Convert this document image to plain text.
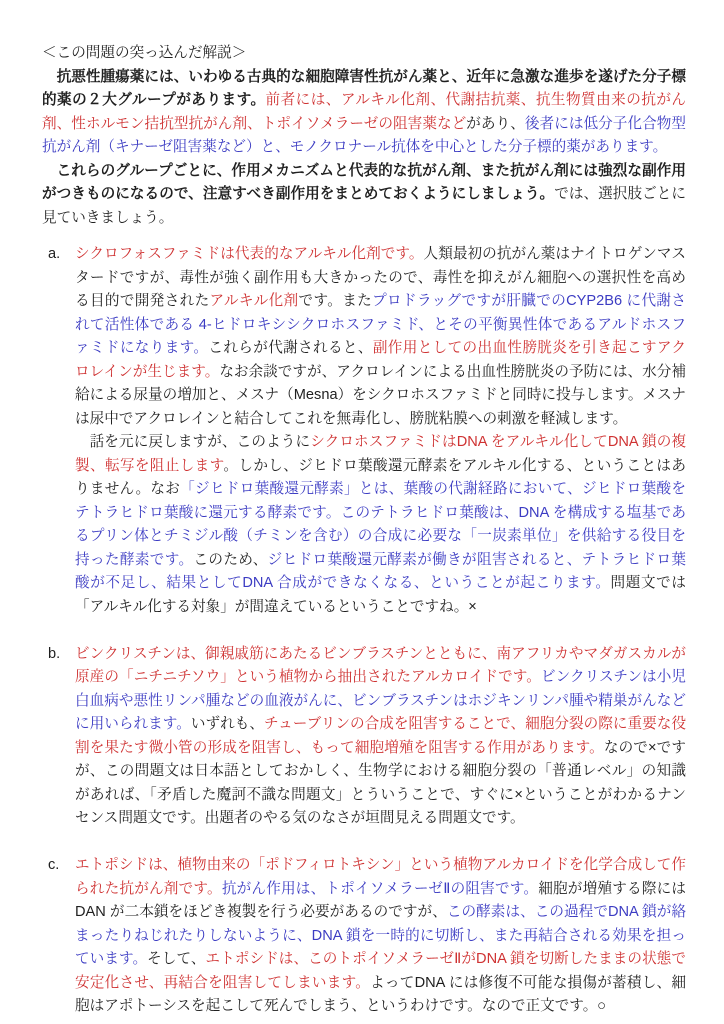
＜この問題の突っ込んだ解説＞

抗悪性腫瘍薬には、いわゆる古典的な細胞障害性抗がん薬と、近年に急激な進歩を遂げた分子標的薬の２大グループがあります。前者には、アルキル化剤、代謝拮抗薬、抗生物質由来の抗がん剤、性ホルモン拮抗型抗がん剤、トポイソメラーゼの阻害薬などがあり、後者には低分子化合物型抗がん剤（キナーゼ阻害薬など）と、モノクロナール抗体を中心とした分子標的薬があります。

これらのグループごとに、作用メカニズムと代表的な抗がん剤、また抗がん剤には強烈な副作用がつきものになるので、注意すべき副作用をまとめておくようにしましょう。では、選択肢ごとに見ていきましょう。

a.	シクロフォスファミドは代表的なアルキル化剤です。人類最初の抗がん薬はナイトロゲンマスタードですが、毒性が強く副作用も大きかったので、毒性を抑えがん細胞への選択性を高める目的で開発されたアルキル化剤です。またプロドラッグですが肝臓でのCYP2B6 に代謝されて活性体である 4-ヒドロキシシクロホスファミド、とその平衡異性体であるアルドホスファミドになります。これらが代謝されると、副作用としての出血性膀胱炎を引き起こすアクロレインが生じます。なお余談ですが、アクロレインによる出血性膀胱炎の予防には、水分補給による尿量の増加と、メスナ（Mesna）をシクロホスファミドと同時に投与します。メスナは尿中でアクロレインと結合してこれを無毒化し、膀胱粘膜への刺激を軽減します。

話を元に戻しますが、このようにシクロホスファミドはDNA をアルキル化してDNA 鎖の複製、転写を阻止します。しかし、ジヒドロ葉酸還元酵素をアルキル化する、ということはありません。なお「ジヒドロ葉酸還元酵素」とは、葉酸の代謝経路において、ジヒドロ葉酸をテトラヒドロ葉酸に還元する酵素です。このテトラヒドロ葉酸は、DNA を構成する塩基であるプリン体とチミジル酸（チミンを含む）の合成に必要な「一炭素単位」を供給する役目を持った酵素です。このため、ジヒドロ葉酸還元酵素が働きが阻害されると、テトラヒドロ葉酸が不足し、結果としてDNA 合成ができなくなる、ということが起こります。問題文では「アルキル化する対象」が間違えているということですね。×

b.	ビンクリスチンは、御親戚筋にあたるビンブラスチンとともに、南アフリカやマダガスカルが原産の「ニチニチソウ」という植物から抽出されたアルカロイドです。ビンクリスチンは小児白血病や悪性リンパ腫などの血液がんに、ビンブラスチンはホジキンリンパ腫や精巣がんなどに用いられます。いずれも、チューブリンの合成を阻害することで、細胞分裂の際に重要な役割を果たす微小管の形成を阻害し、もって細胞増殖を阻害する作用があります。なので×ですが、この問題文は日本語としておかしく、生物学における細胞分裂の「普通レベル」の知識があれば、「矛盾した魔訶不識な問題文」とういうことで、すぐに×ということがわかるナンセンス問題文です。出題者のやる気のなさが垣間見える問題文です。

c.	エトポシドは、植物由来の「ポドフィロトキシン」という植物アルカロイドを化学合成して作られた抗がん剤です。抗がん作用は、トポイソメラーゼⅡの阻害です。細胞が増殖する際にはDAN が二本鎖をほどき複製を行う必要があるのですが、この酵素は、この過程でDNA 鎖が絡まったりねじれたりしないように、DNA 鎖を一時的に切断し、また再結合される効果を担っています。そして、エトポシドは、このトポイソメラーゼⅡがDNA 鎖を切断したままの状態で安定化させ、再結合を阻害してしまいます。よってDNA には修復不可能な損傷が蓄積し、細胞はアポトーシスを起こして死んでしまう、というわけです。なので正文です。○
